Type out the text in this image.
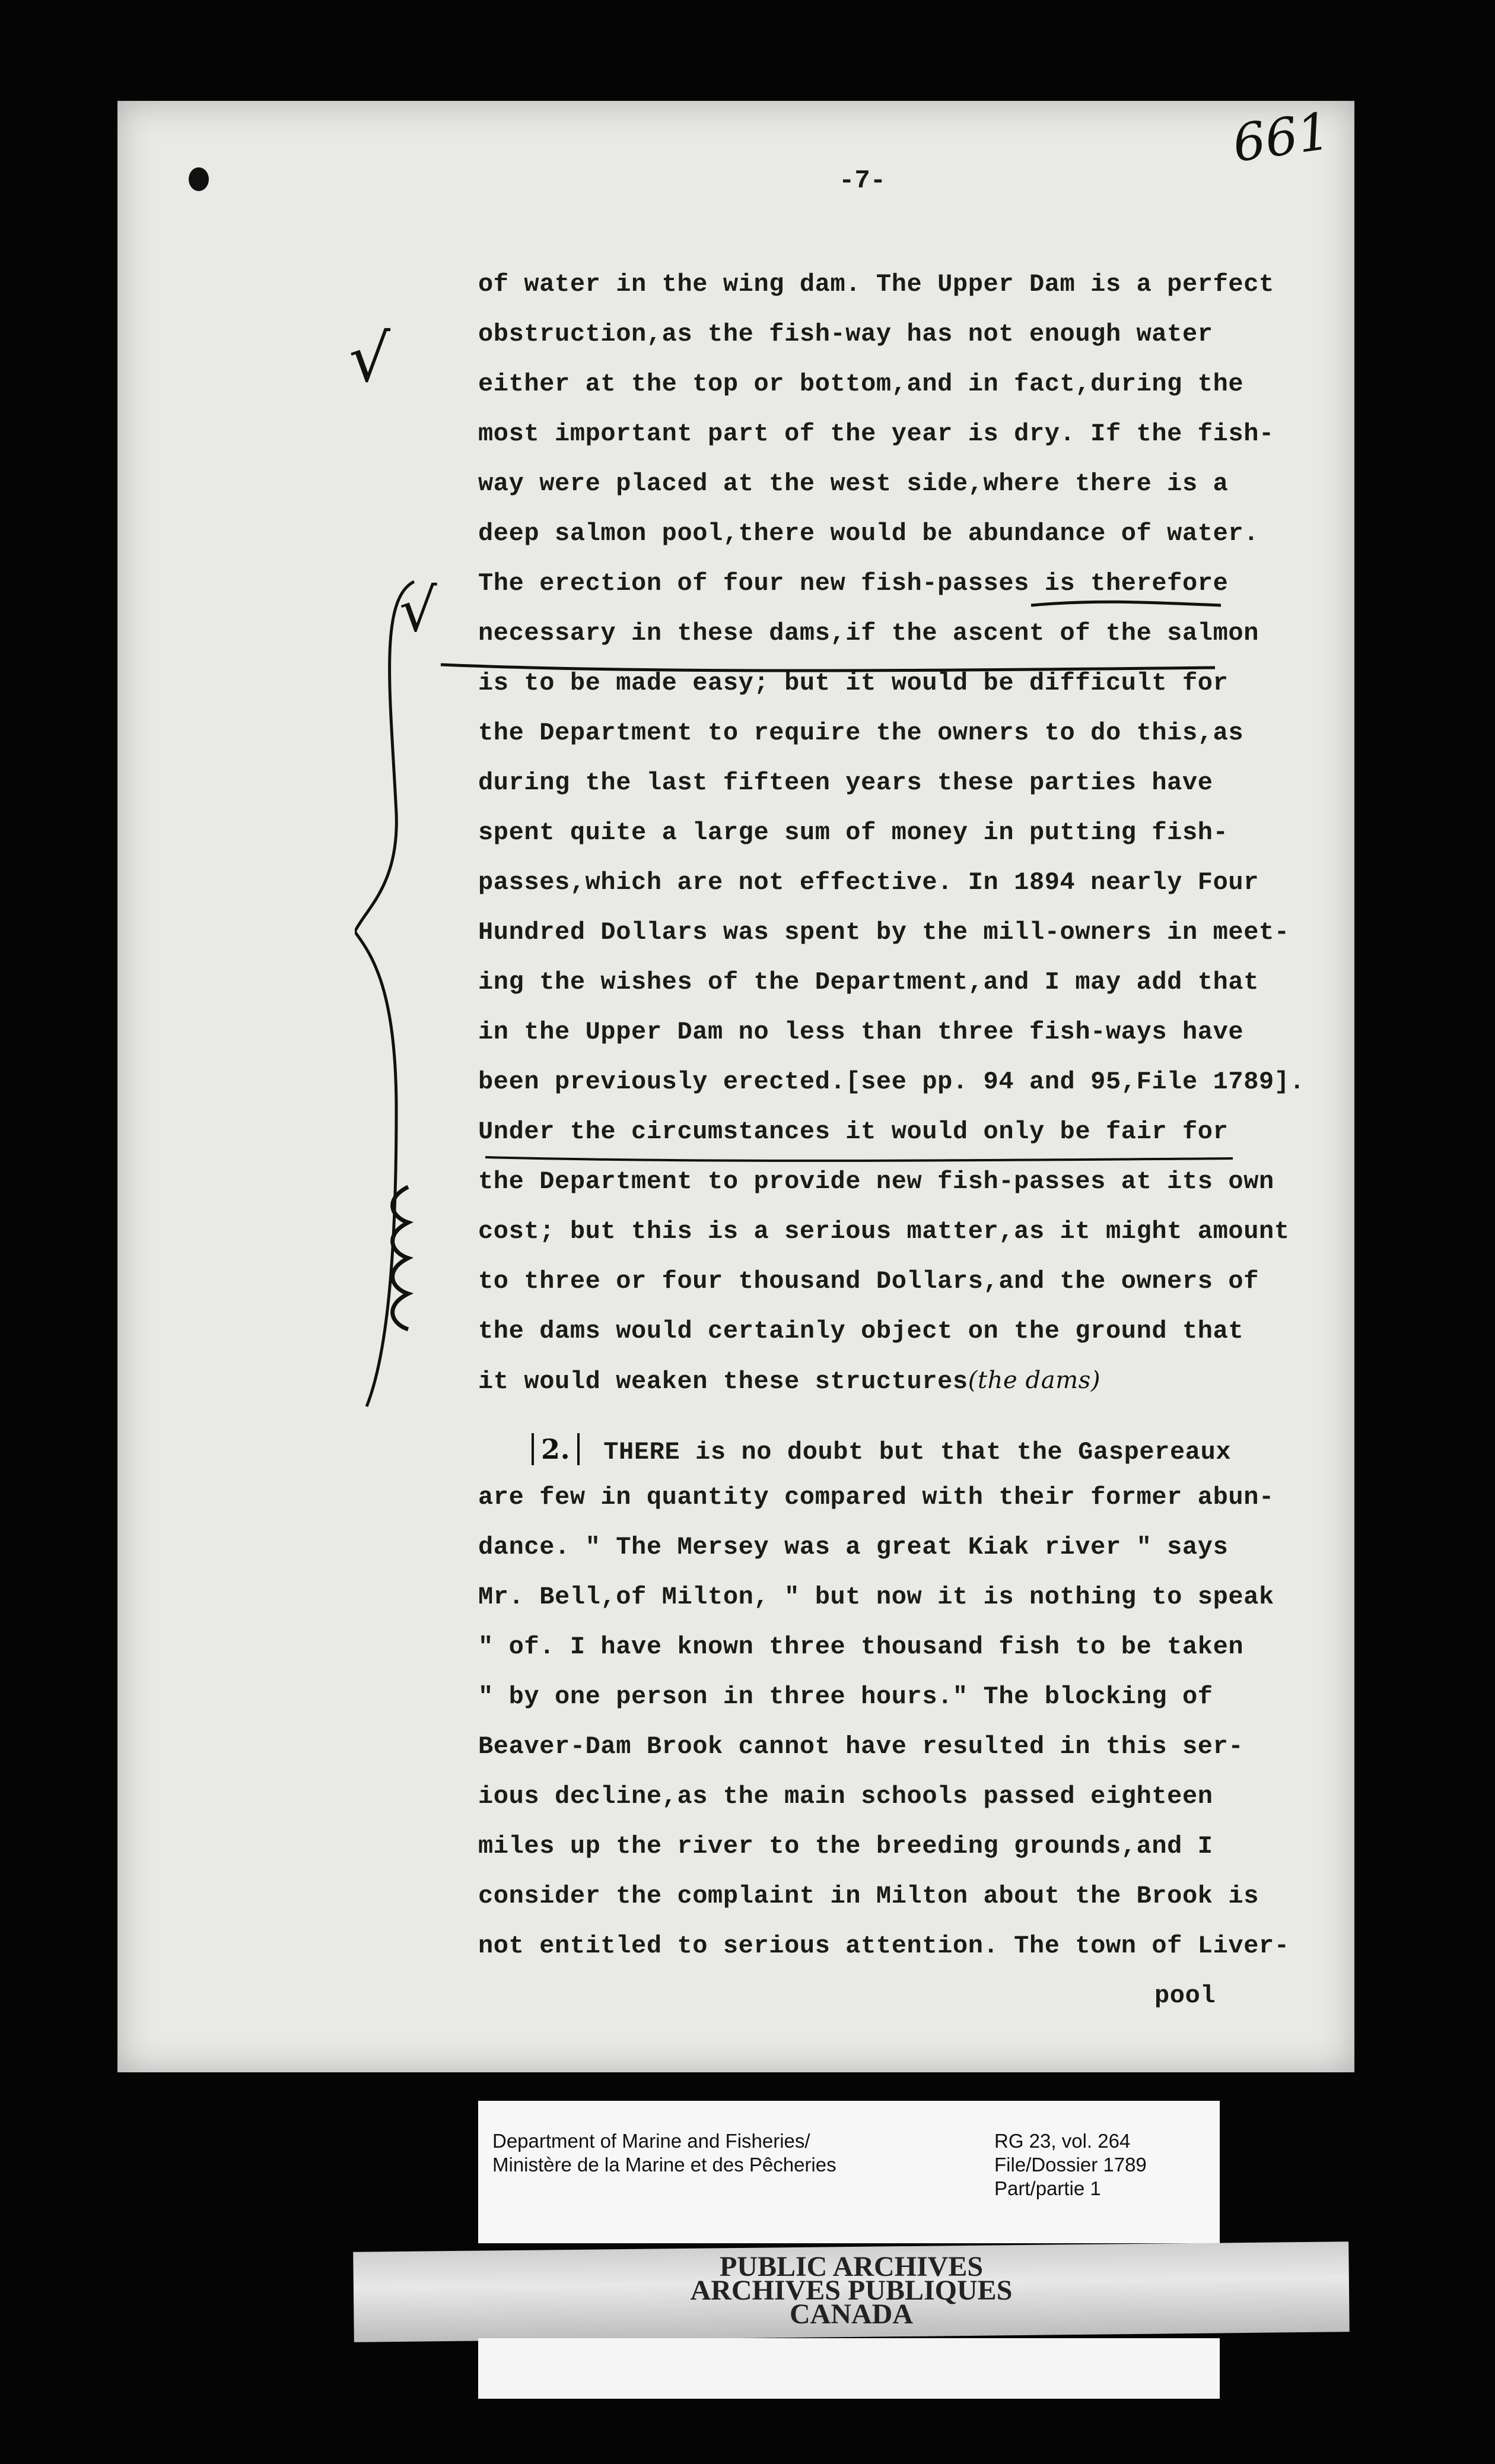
-7-
661
√
√
of water in the wing dam. The Upper Dam is a perfect
obstruction,as the fish-way has not enough water
either at the top or bottom,and in fact,during the
most important part of the year is dry. If the fish-
way were placed at the west side,where there is a
deep salmon pool,there would be abundance of water.
The erection of four new fish-passes is therefore
necessary in these dams,if the ascent of the salmon
is to be made easy; but it would be difficult for
the Department to require the owners to do this,as
during the last fifteen years these parties have
spent quite a large sum of money in putting fish-
passes,which are not effective. In 1894 nearly Four
Hundred Dollars was spent by the mill-owners in meet-
ing the wishes of the Department,and I may add that
in the Upper Dam no less than three fish-ways have
been previously erected.[see pp. 94 and 95,File 1789].
Under the circumstances it would only be fair for
the Department to provide new fish-passes at its own
cost; but this is a serious matter,as it might amount
to three or four thousand Dollars,and the owners of
the dams would certainly object on the ground that
it would weaken these structures(the dams)
2. THERE is no doubt but that the Gaspereaux
are few in quantity compared with their former abun-
dance. " The Mersey was a great Kiak river " says
Mr. Bell,of Milton, " but now it is nothing to speak
" of. I have known three thousand fish to be taken
" by one person in three hours." The blocking of
Beaver-Dam Brook cannot have resulted in this ser-
ious decline,as the main schools passed eighteen
miles up the river to the breeding grounds,and I
consider the complaint in Milton about the Brook is
not entitled to serious attention. The town of Liver-
pool
Department of Marine and Fisheries/
Ministère de la Marine et des Pêcheries
RG 23, vol. 264
File/Dossier 1789
Part/partie 1
PUBLIC ARCHIVES
ARCHIVES PUBLIQUES
CANADA
